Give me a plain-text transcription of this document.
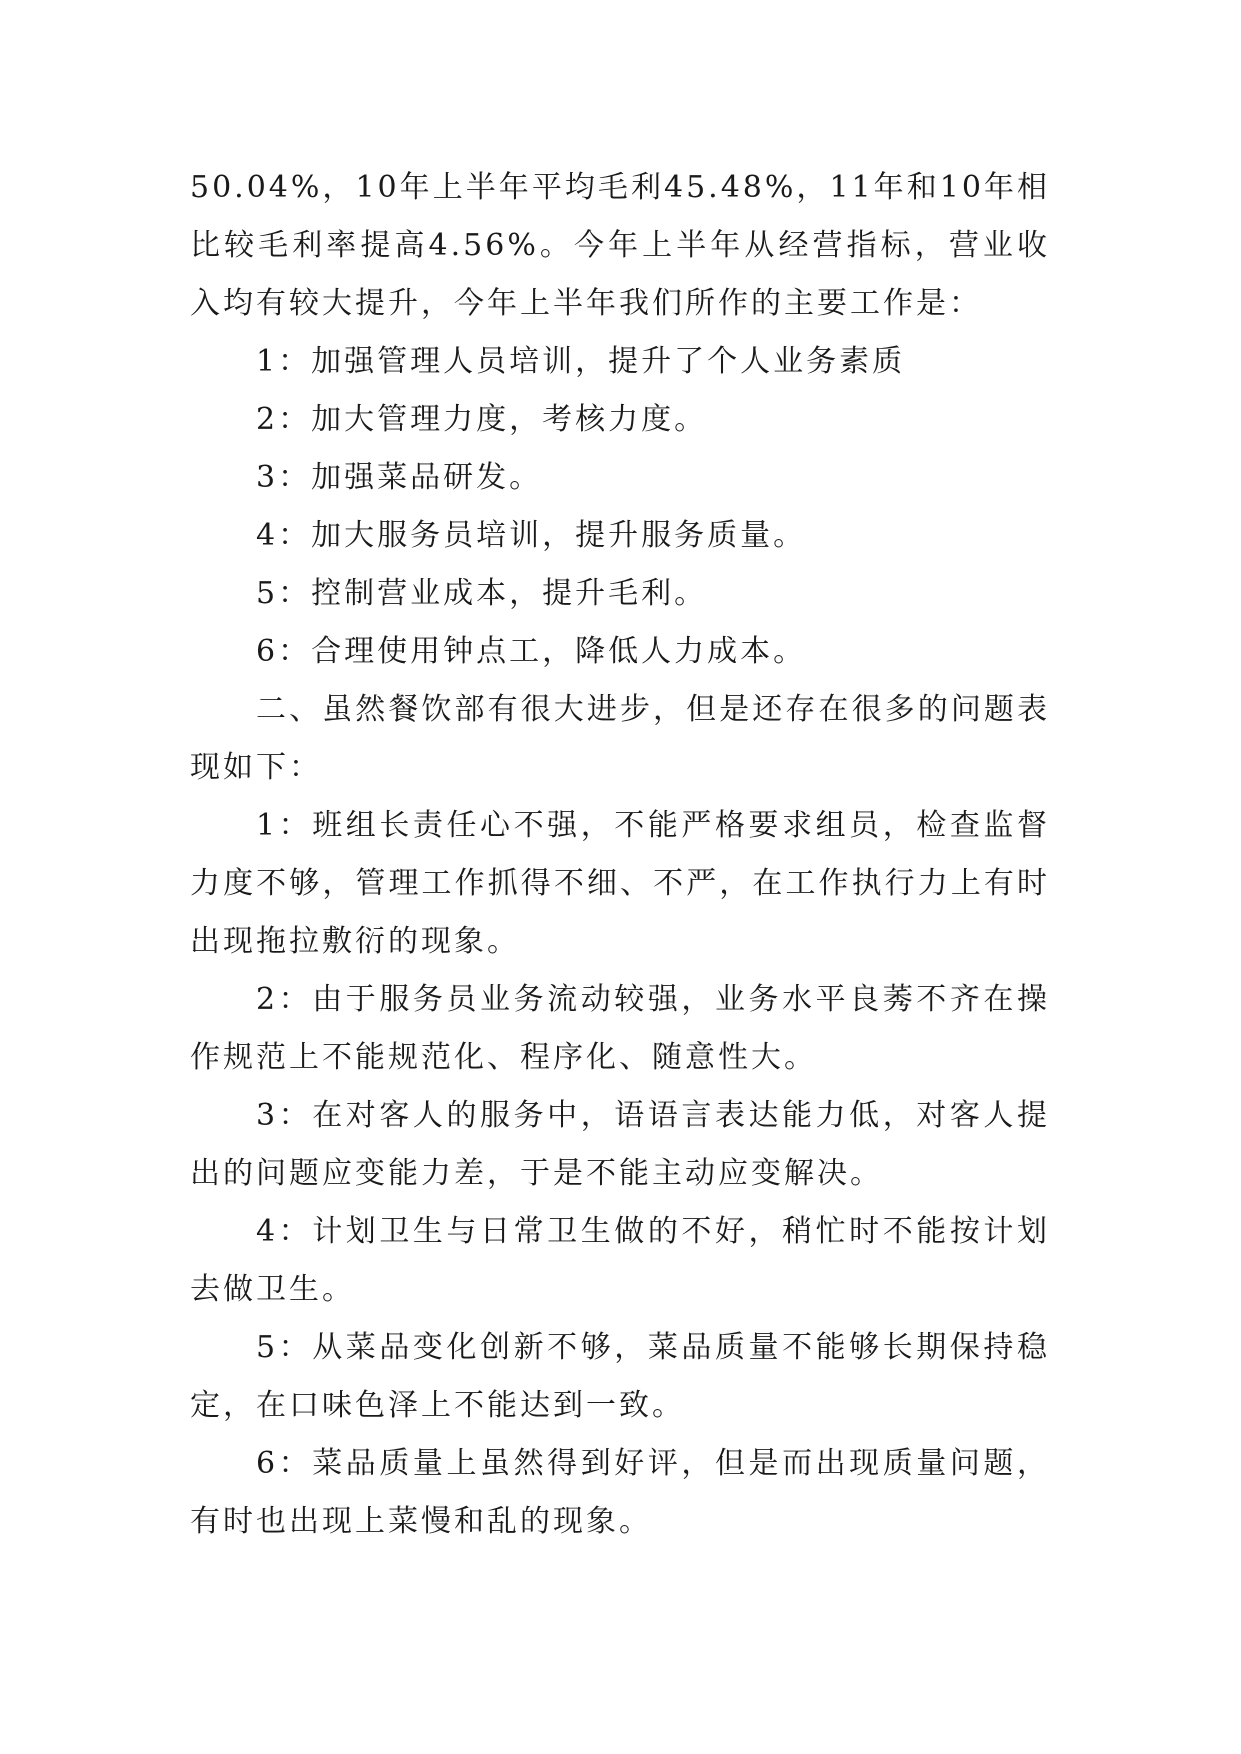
50.04%，10年上半年平均毛利45.48%，11年和10年相比较毛利率提高4.56%。今年上半年从经营指标，营业收入均有较大提升，今年上半年我们所作的主要工作是：

1：加强管理人员培训，提升了个人业务素质

2：加大管理力度，考核力度。

3：加强菜品研发。

4：加大服务员培训，提升服务质量。

5：控制营业成本，提升毛利。

6：合理使用钟点工，降低人力成本。

二、虽然餐饮部有很大进步，但是还存在很多的问题表现如下：

1：班组长责任心不强，不能严格要求组员，检查监督力度不够，管理工作抓得不细、不严，在工作执行力上有时出现拖拉敷衍的现象。

2：由于服务员业务流动较强，业务水平良莠不齐在操作规范上不能规范化、程序化、随意性大。

3：在对客人的服务中，语语言表达能力低，对客人提出的问题应变能力差，于是不能主动应变解决。

4：计划卫生与日常卫生做的不好，稍忙时不能按计划去做卫生。

5：从菜品变化创新不够，菜品质量不能够长期保持稳定，在口味色泽上不能达到一致。

6：菜品质量上虽然得到好评，但是而出现质量问题，有时也出现上菜慢和乱的现象。
